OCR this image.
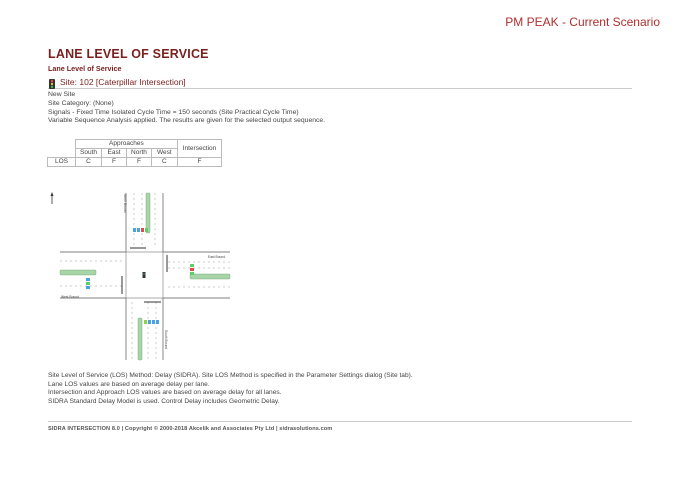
PM PEAK - Current Scenario
LANE LEVEL OF SERVICE
Lane Level of Service
Site: 102 [Caterpillar Intersection]
New Site
Site Category: (None)
Signals - Fixed Time Isolated Cycle Time = 150 seconds (Site Practical Cycle Time)
Variable Sequence Analysis applied. The results are given for the selected output sequence.
	Approaches				Intersection
	South	East	North	West	
LOS	C	F	F	C	F
North Bound
South Bound
East Bound
West Bound
Site Level of Service (LOS) Method: Delay (SIDRA). Site LOS Method is specified in the Parameter Settings dialog (Site tab).
Lane LOS values are based on average delay per lane.
Intersection and Approach LOS values are based on average delay for all lanes.
SIDRA Standard Delay Model is used. Control Delay includes Geometric Delay.
SIDRA INTERSECTION 8.0 | Copyright © 2000-2018 Akcelik and Associates Pty Ltd | sidrasolutions.com
